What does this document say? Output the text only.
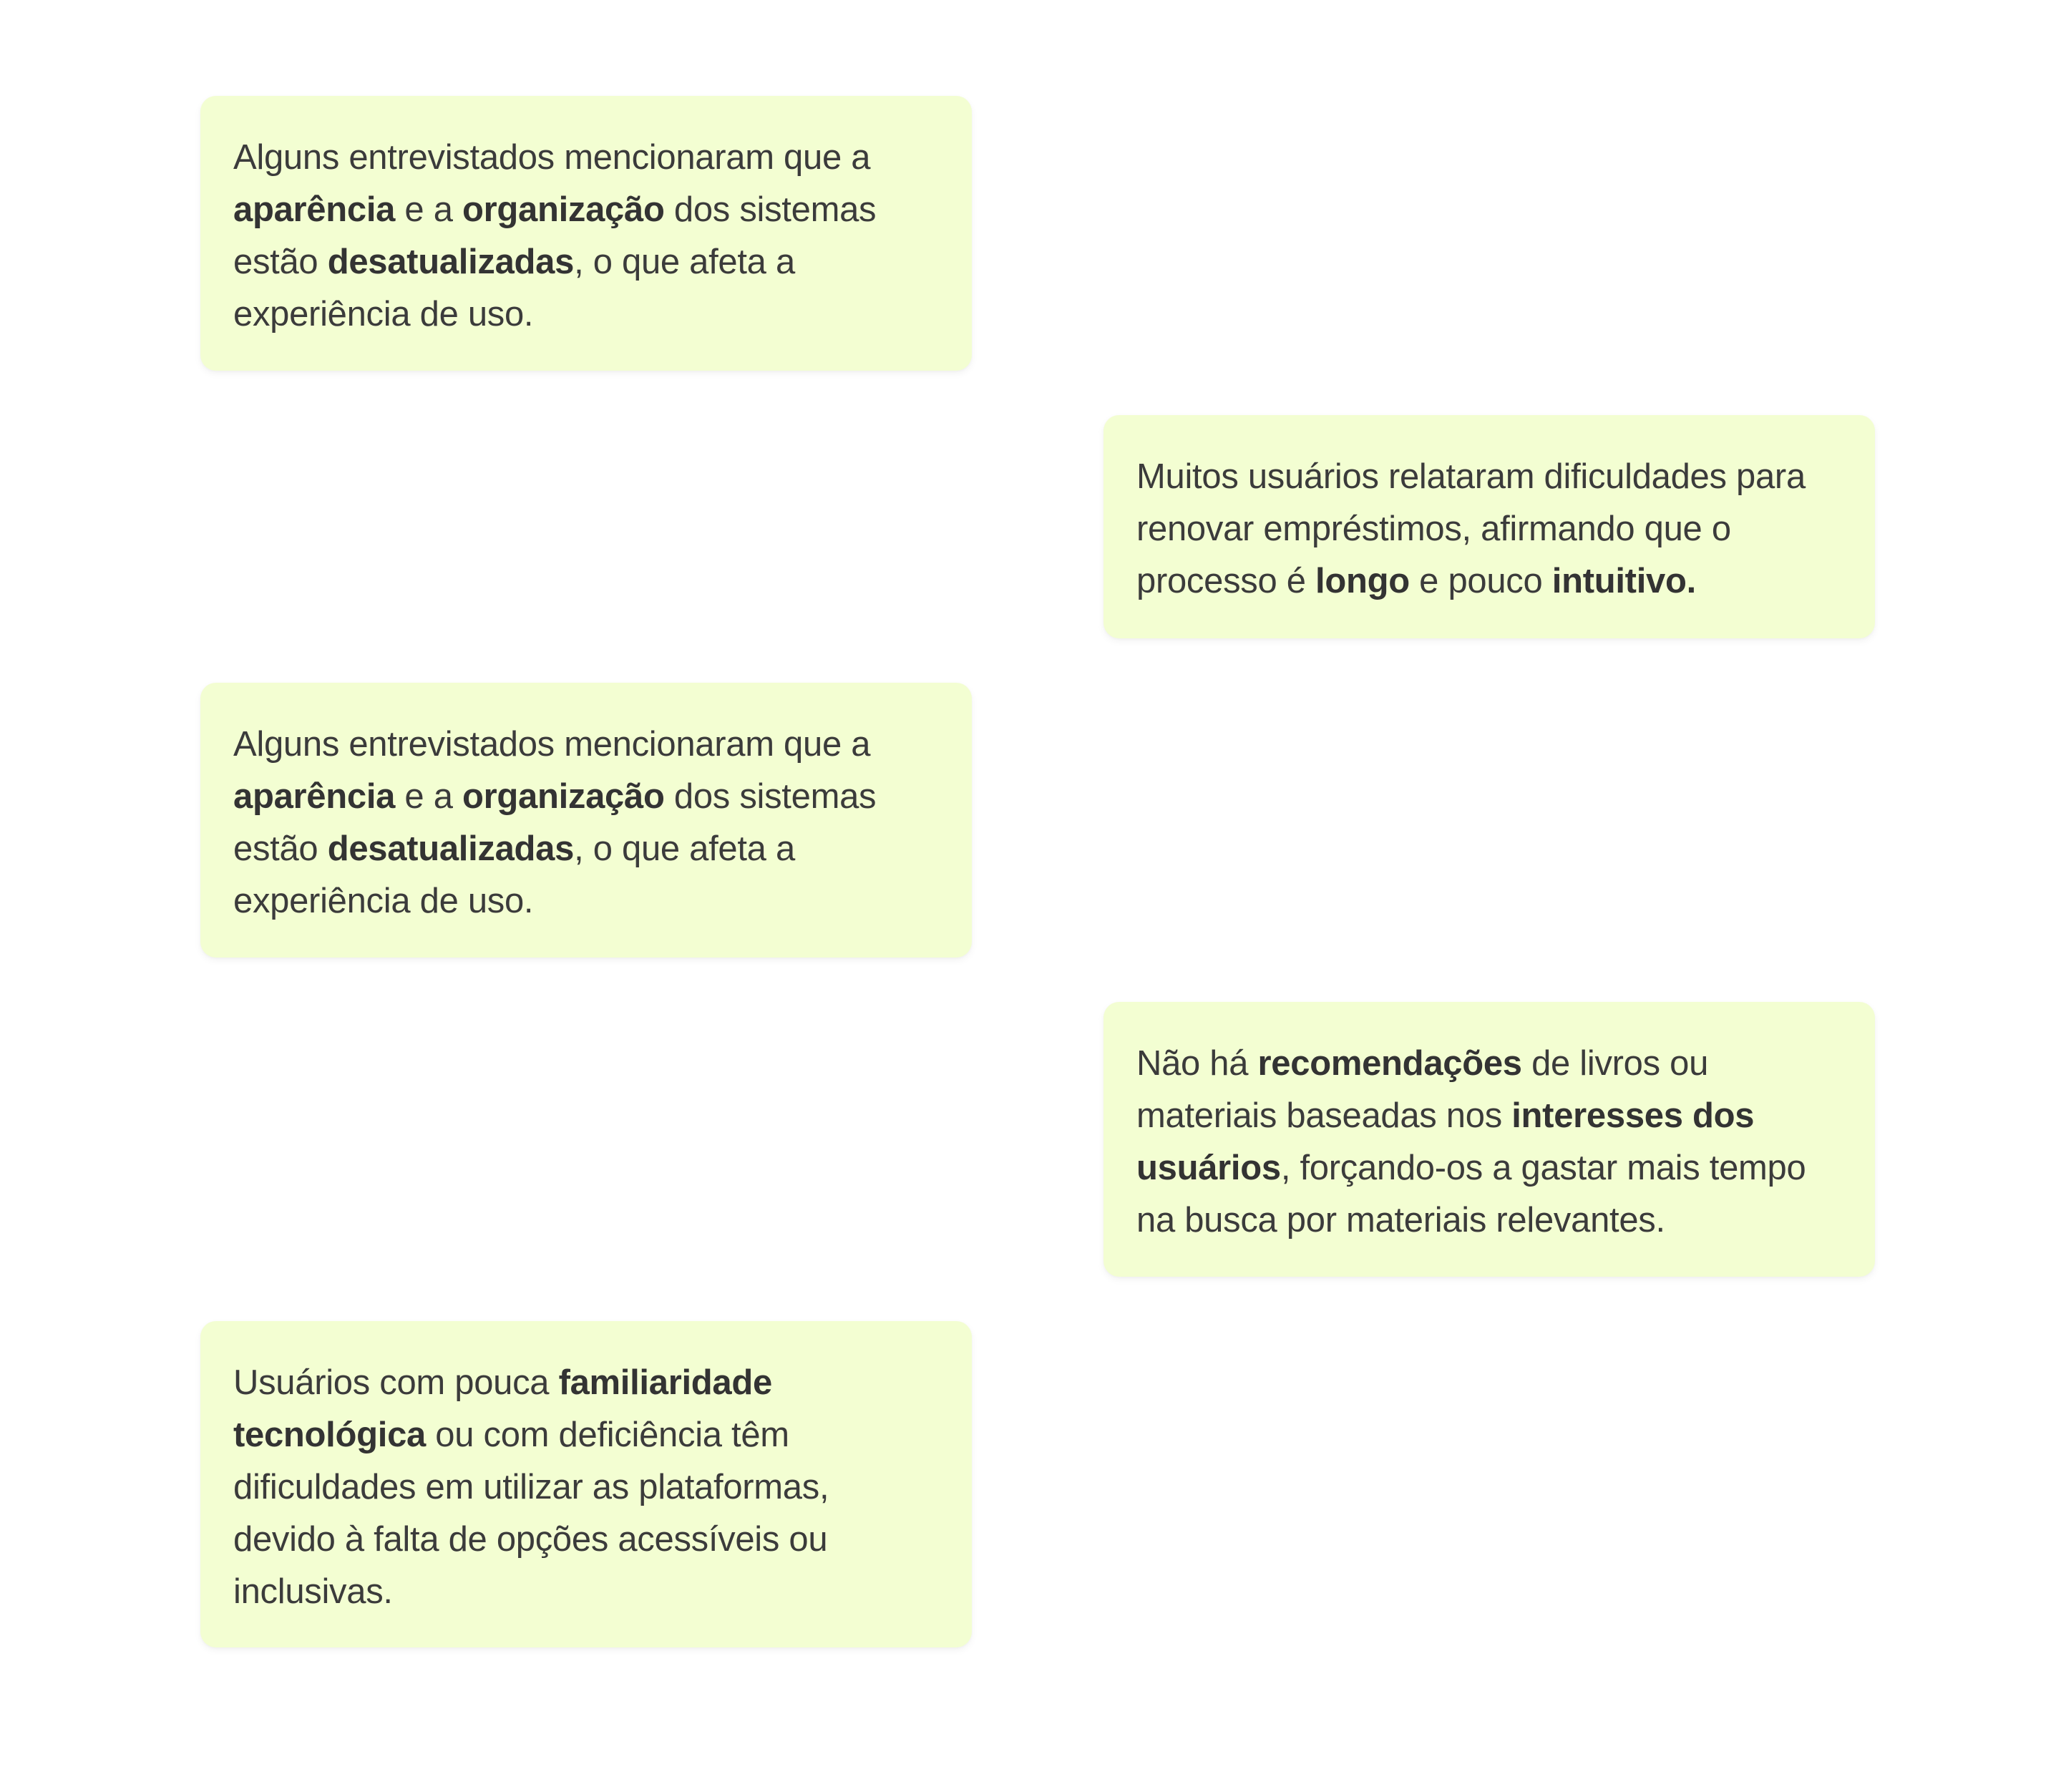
Alguns entrevistados mencionaram que a aparência e a organização dos sistemas estão desatualizadas, o que afeta a experiência de uso.

Muitos usuários relataram dificuldades para renovar empréstimos, afirmando que o processo é longo e pouco intuitivo.

Alguns entrevistados mencionaram que a aparência e a organização dos sistemas estão desatualizadas, o que afeta a experiência de uso.

Não há recomendações de livros ou materiais baseadas nos interesses dos usuários, forçando-os a gastar mais tempo na busca por materiais relevantes.

Usuários com pouca familiaridade tecnológica ou com deficiência têm dificuldades em utilizar as plataformas, devido à falta de opções acessíveis ou inclusivas.
